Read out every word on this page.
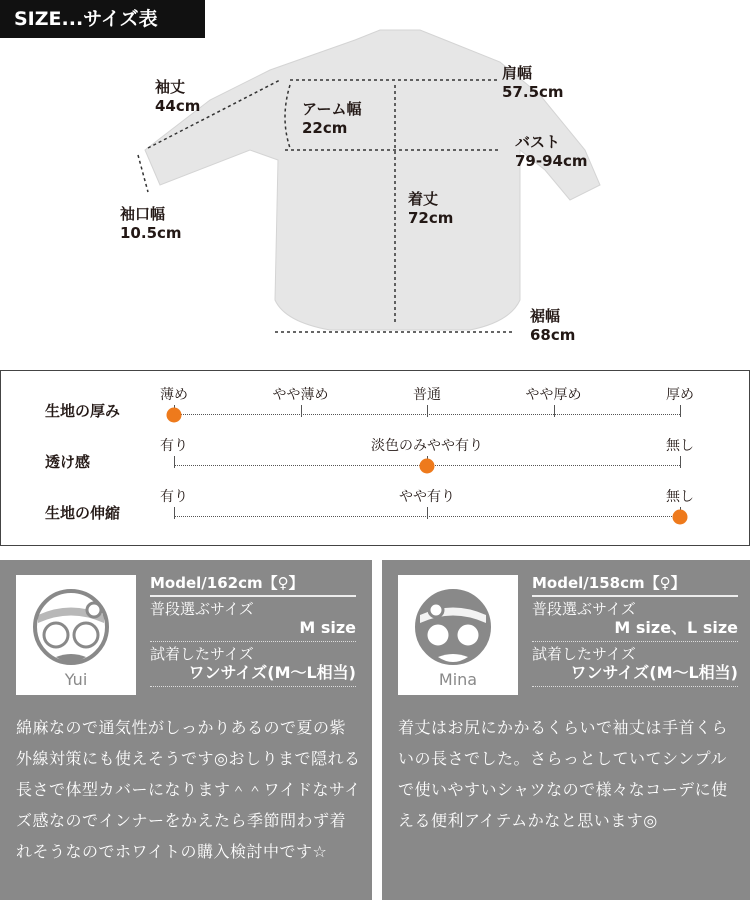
SIZE...サイズ表
袖丈
44cm	アーム幅
22cm
肩幅
57.5cm
バスト
79-94cm
袖口幅
10.5cm
着丈
72cm
裾幅
68cm
生地の厚み
薄め	やや薄め	普通	やや厚め	厚め
透け感
有り	淡色のみやや有り	無し
生地の伸縮
有り	やや有り	無し
Yui
Model/162cm【♀】
普段選ぶサイズ
M size
試着したサイズ
ワンサイズ(M〜L相当)
綿麻なので通気性がしっかりあるので夏の紫外線対策にも使えそうです◎おしりまで隠れる長さで体型カバーになります＾＾ワイドなサイズ感なのでインナーをかえたら季節問わず着れそうなのでホワイトの購入検討中です☆
Mina
Model/158cm【♀】
普段選ぶサイズ
M size、L size
試着したサイズ
ワンサイズ(M〜L相当)
着丈はお尻にかかるくらいで袖丈は手首くらいの長さでした。さらっとしていてシンプルで使いやすいシャツなので様々なコーデに使える便利アイテムかなと思います◎
